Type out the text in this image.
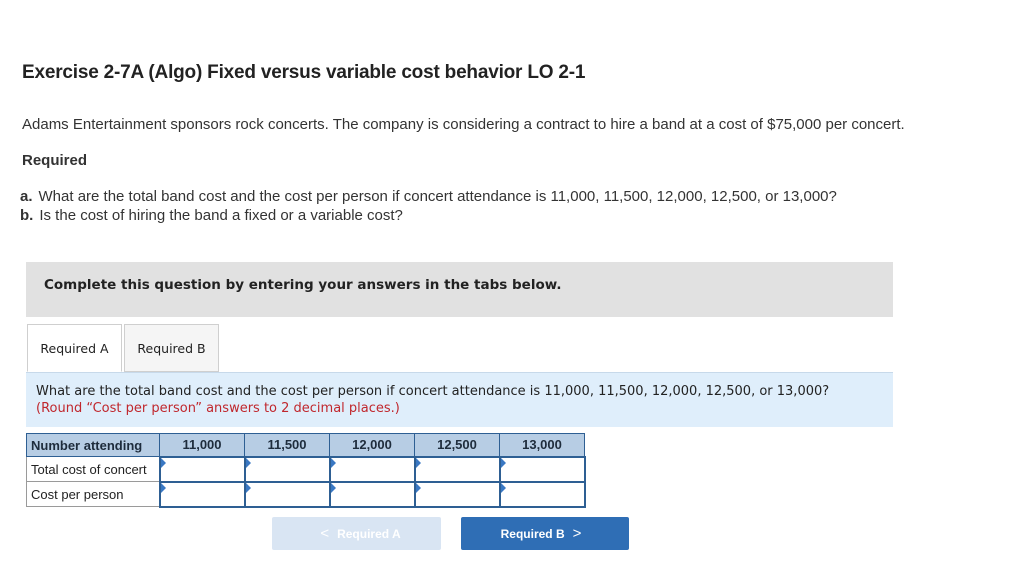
Exercise 2-7A (Algo) Fixed versus variable cost behavior LO 2-1
Adams Entertainment sponsors rock concerts. The company is considering a contract to hire a band at a cost of $75,000 per concert.
Required
a. What are the total band cost and the cost per person if concert attendance is 11,000, 11,500, 12,000, 12,500, or 13,000?
b. Is the cost of hiring the band a fixed or a variable cost?
Complete this question by entering your answers in the tabs below.
Required A	Required B
What are the total band cost and the cost per person if concert attendance is 11,000, 11,500, 12,000, 12,500, or 13,000?
(Round “Cost per person” answers to 2 decimal places.)
Number attending	11,000	11,500	12,000	12,500	13,000
Total cost of concert	

Cost per person	

< Required A	Required B >
